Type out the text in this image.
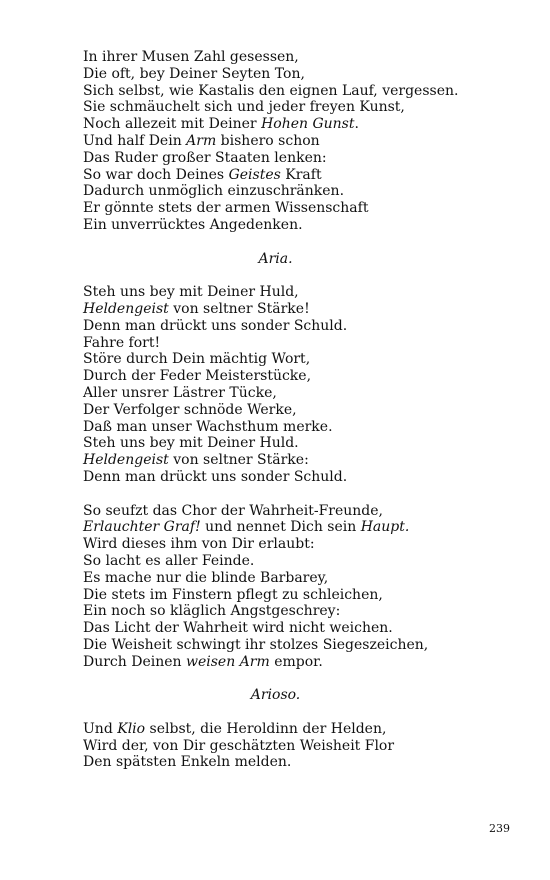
In ihrer Musen Zahl gesessen,
Die oft, bey Deiner Seyten Ton,
Sich selbst, wie Kastalis den eignen Lauf, vergessen.
Sie schmäuchelt sich und jeder freyen Kunst,
Noch allezeit mit Deiner Hohen Gunst.
Und half Dein Arm bishero schon
Das Ruder großer Staaten lenken:
So war doch Deines Geistes Kraft
Dadurch unmöglich einzuschränken.
Er gönnte stets der armen Wissenschaft
Ein unverrücktes Angedenken.
Aria.
Steh uns bey mit Deiner Huld,
Heldengeist von seltner Stärke!
Denn man drückt uns sonder Schuld.
Fahre fort!
Störe durch Dein mächtig Wort,
Durch der Feder Meisterstücke,
Aller unsrer Lästrer Tücke,
Der Verfolger schnöde Werke,
Daß man unser Wachsthum merke.
Steh uns bey mit Deiner Huld.
Heldengeist von seltner Stärke:
Denn man drückt uns sonder Schuld.
So seufzt das Chor der Wahrheit-Freunde,
Erlauchter Graf! und nennet Dich sein Haupt.
Wird dieses ihm von Dir erlaubt:
So lacht es aller Feinde.
Es mache nur die blinde Barbarey,
Die stets im Finstern pflegt zu schleichen,
Ein noch so kläglich Angstgeschrey:
Das Licht der Wahrheit wird nicht weichen.
Die Weisheit schwingt ihr stolzes Siegeszeichen,
Durch Deinen weisen Arm empor.
Arioso.
Und Klio selbst, die Heroldinn der Helden,
Wird der, von Dir geschätzten Weisheit Flor
Den spätsten Enkeln melden.
239
